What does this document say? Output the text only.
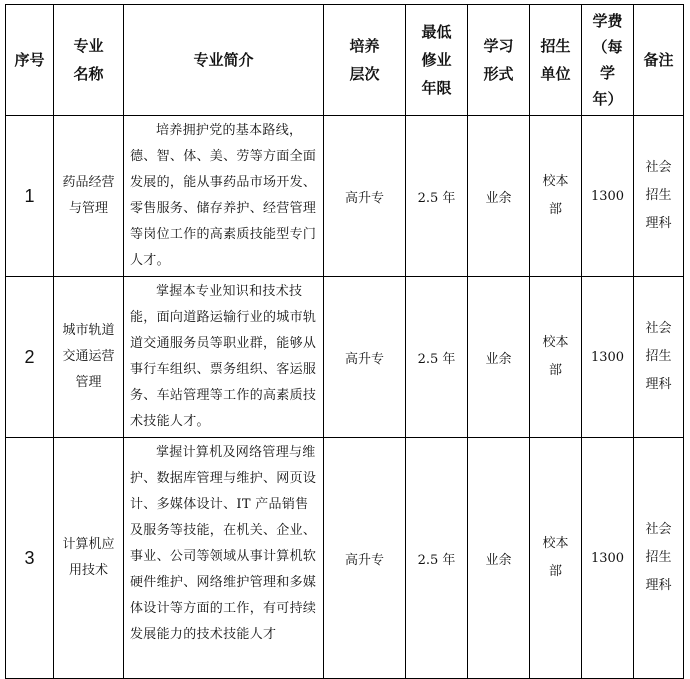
序号	专业名称	专业简介	培养层次	最低修业年限	学习形式	招生单位	学费（每学年）	备注
1	药品经营与管理	培养拥护党的基本路线，德、智、体、美、劳等方面全面发展的，能从事药品市场开发、零售服务、储存养护、经营管理等岗位工作的高素质技能型专门人才。	高升专	2.5 年	业余	校本部	1300	社会招生理科
2	城市轨道交通运营管理	掌握本专业知识和技术技能，面向道路运输行业的城市轨道交通服务员等职业群，能够从事行车组织、票务组织、客运服务、车站管理等工作的高素质技术技能人才。	高升专	2.5 年	业余	校本部	1300	社会招生理科
3	计算机应用技术	掌握计算机及网络管理与维护、数据库管理与维护、网页设计、多媒体设计、IT 产品销售及服务等技能，在机关、企业、事业、公司等领域从事计算机软硬件维护、网络维护管理和多媒体设计等方面的工作，有可持续发展能力的技术技能人才	高升专	2.5 年	业余	校本部	1300	社会招生理科
